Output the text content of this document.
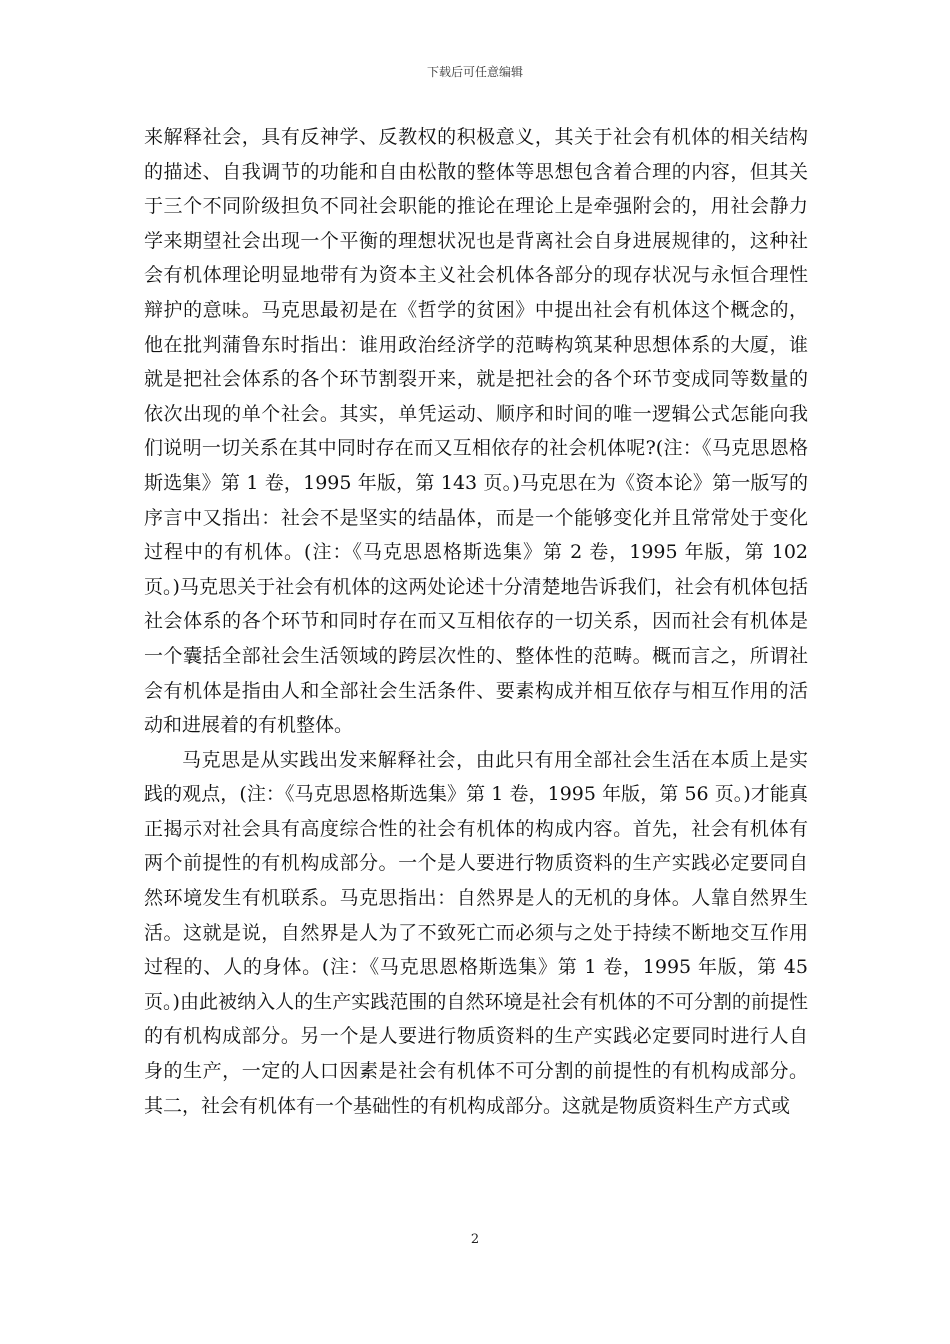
下载后可任意编辑

来解释社会，具有反神学、反教权的积极意义，其关于社会有机体的相关结构的描述、自我调节的功能和自由松散的整体等思想包含着合理的内容，但其关于三个不同阶级担负不同社会职能的推论在理论上是牵强附会的，用社会静力学来期望社会出现一个平衡的理想状况也是背离社会自身进展规律的，这种社会有机体理论明显地带有为资本主义社会机体各部分的现存状况与永恒合理性辩护的意味。马克思最初是在《哲学的贫困》中提出社会有机体这个概念的，他在批判蒲鲁东时指出：谁用政治经济学的范畴构筑某种思想体系的大厦，谁就是把社会体系的各个环节割裂开来，就是把社会的各个环节变成同等数量的依次出现的单个社会。其实，单凭运动、顺序和时间的唯一逻辑公式怎能向我们说明一切关系在其中同时存在而又互相依存的社会机体呢?(注：《马克思恩格斯选集》第 1 卷，1995 年版，第 143 页。)马克思在为《资本论》第一版写的序言中又指出：社会不是坚实的结晶体，而是一个能够变化并且常常处于变化过程中的有机体。(注：《马克思恩格斯选集》第 2 卷，1995 年版，第 102 页。)马克思关于社会有机体的这两处论述十分清楚地告诉我们，社会有机体包括社会体系的各个环节和同时存在而又互相依存的一切关系，因而社会有机体是一个囊括全部社会生活领域的跨层次性的、整体性的范畴。概而言之，所谓社会有机体是指由人和全部社会生活条件、要素构成并相互依存与相互作用的活动和进展着的有机整体。

马克思是从实践出发来解释社会，由此只有用全部社会生活在本质上是实践的观点，(注：《马克思恩格斯选集》第 1 卷，1995 年版，第 56 页。)才能真正揭示对社会具有高度综合性的社会有机体的构成内容。首先，社会有机体有两个前提性的有机构成部分。一个是人要进行物质资料的生产实践必定要同自然环境发生有机联系。马克思指出：自然界是人的无机的身体。人靠自然界生活。这就是说，自然界是人为了不致死亡而必须与之处于持续不断地交互作用过程的、人的身体。(注：《马克思恩格斯选集》第 1 卷，1995 年版，第 45 页。)由此被纳入人的生产实践范围的自然环境是社会有机体的不可分割的前提性的有机构成部分。另一个是人要进行物质资料的生产实践必定要同时进行人自身的生产，一定的人口因素是社会有机体不可分割的前提性的有机构成部分。其二，社会有机体有一个基础性的有机构成部分。这就是物质资料生产方式或

2
